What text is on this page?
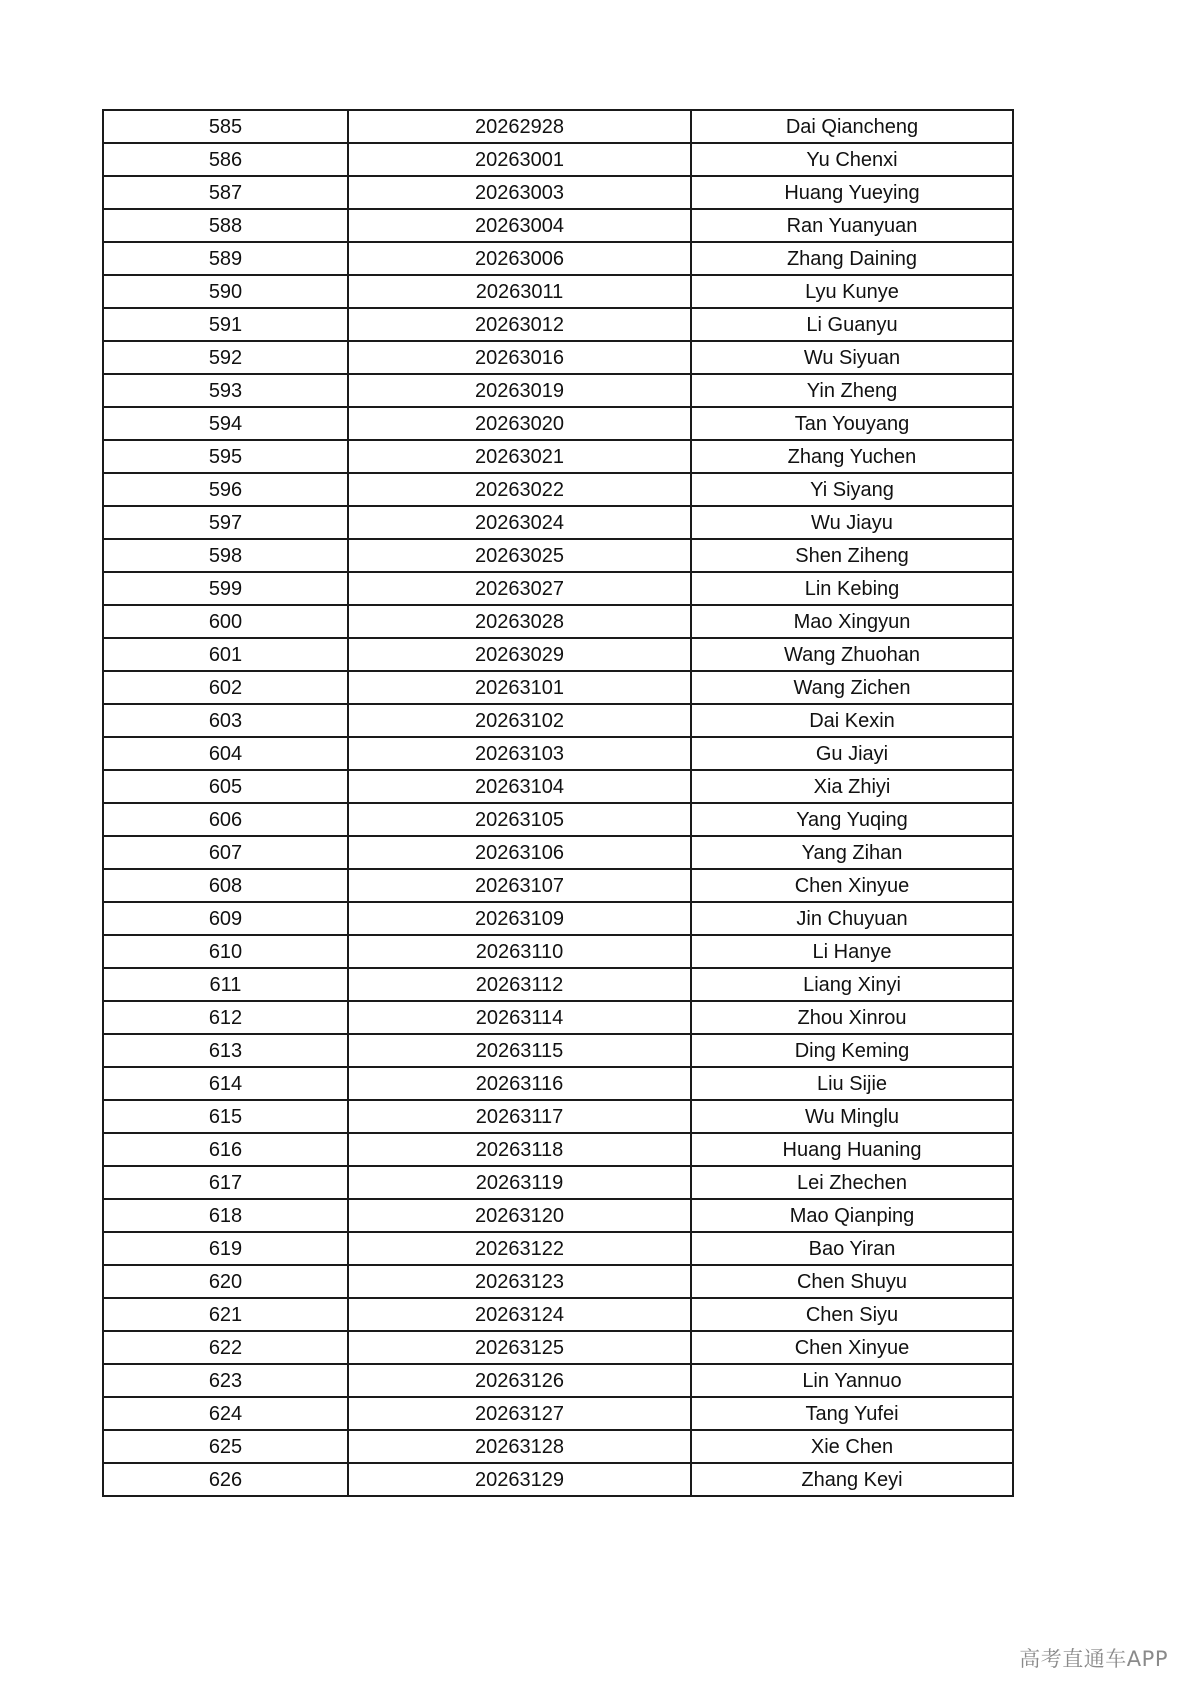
585	20262928	Dai Qiancheng
586	20263001	Yu Chenxi
587	20263003	Huang Yueying
588	20263004	Ran Yuanyuan
589	20263006	Zhang Daining
590	20263011	Lyu Kunye
591	20263012	Li Guanyu
592	20263016	Wu Siyuan
593	20263019	Yin Zheng
594	20263020	Tan Youyang
595	20263021	Zhang Yuchen
596	20263022	Yi Siyang
597	20263024	Wu Jiayu
598	20263025	Shen Ziheng
599	20263027	Lin Kebing
600	20263028	Mao Xingyun
601	20263029	Wang Zhuohan
602	20263101	Wang Zichen
603	20263102	Dai Kexin
604	20263103	Gu Jiayi
605	20263104	Xia Zhiyi
606	20263105	Yang Yuqing
607	20263106	Yang Zihan
608	20263107	Chen Xinyue
609	20263109	Jin Chuyuan
610	20263110	Li Hanye
611	20263112	Liang Xinyi
612	20263114	Zhou Xinrou
613	20263115	Ding Keming
614	20263116	Liu Sijie
615	20263117	Wu Minglu
616	20263118	Huang Huaning
617	20263119	Lei Zhechen
618	20263120	Mao Qianping
619	20263122	Bao Yiran
620	20263123	Chen Shuyu
621	20263124	Chen Siyu
622	20263125	Chen Xinyue
623	20263126	Lin Yannuo
624	20263127	Tang Yufei
625	20263128	Xie Chen
626	20263129	Zhang Keyi
高考直通车APP
